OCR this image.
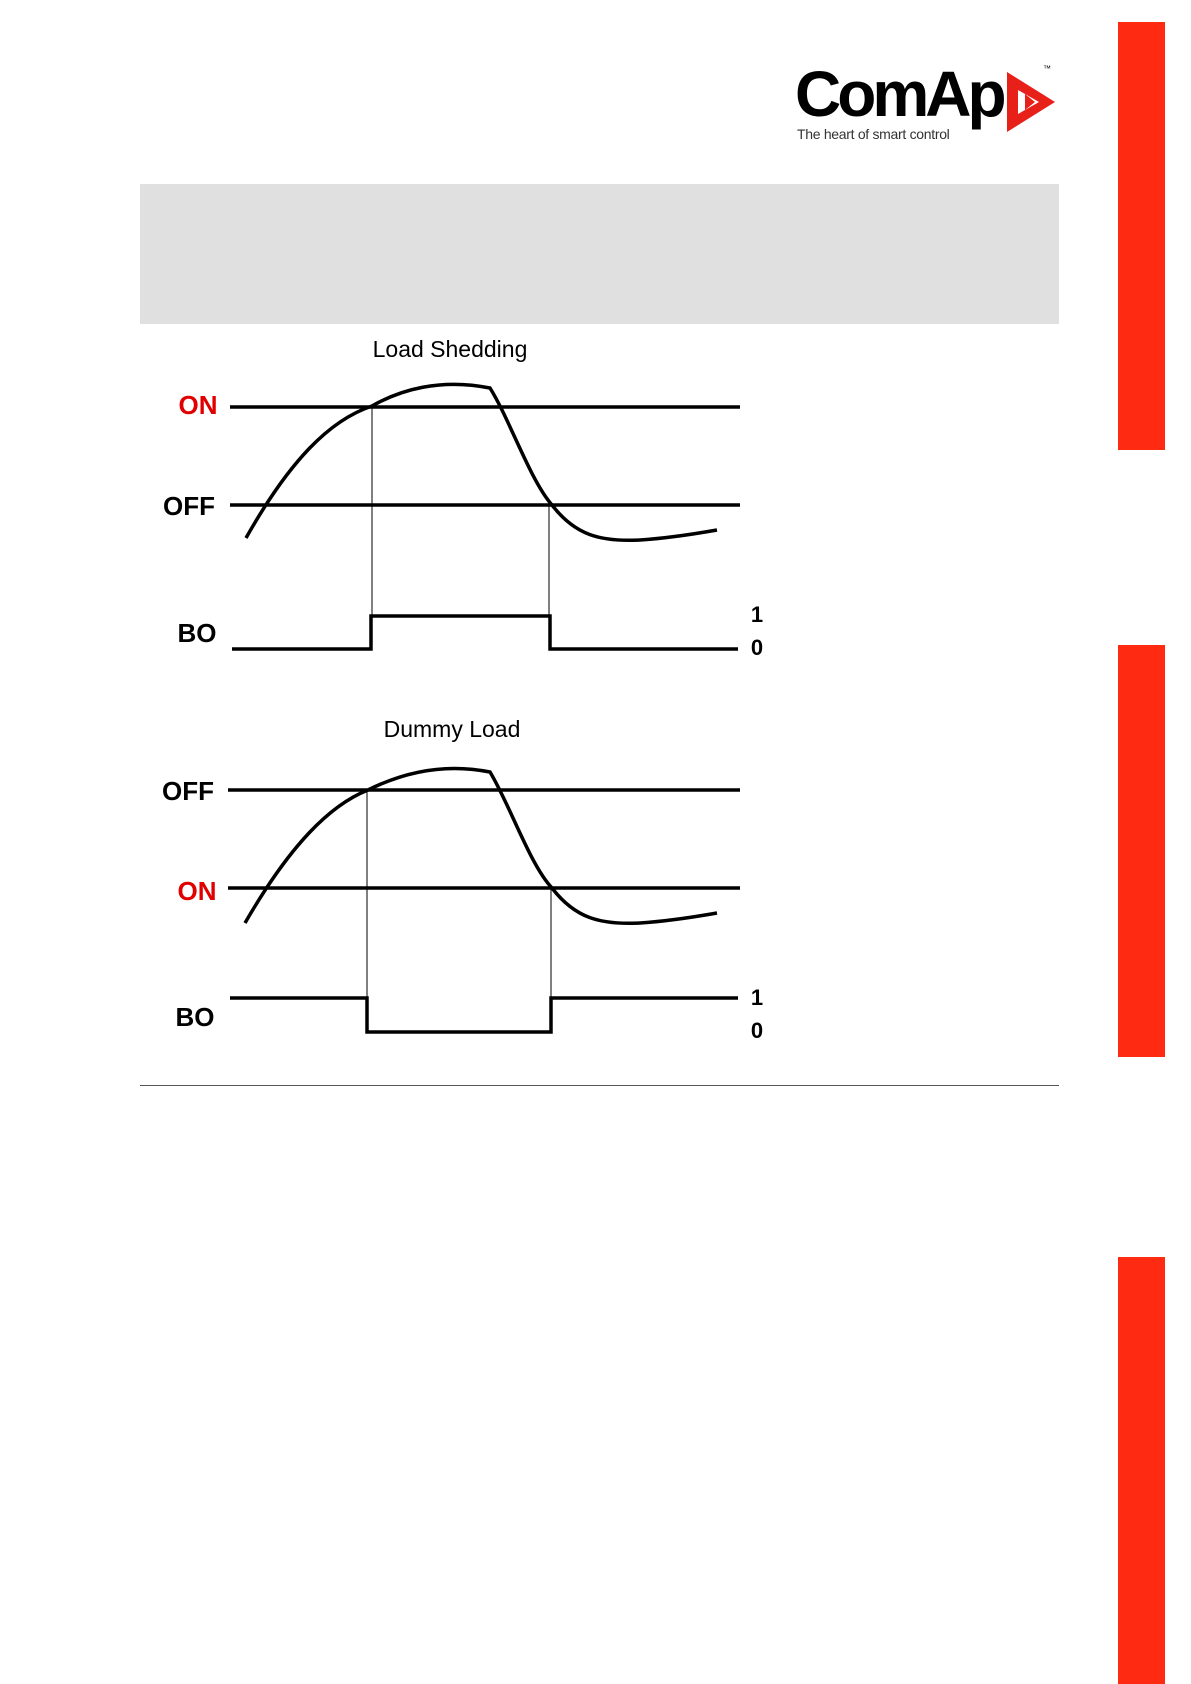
ComAp	™
The heart of smart control
Load Shedding
ON
OFF
BO
1
0
Dummy Load
OFF
ON
BO
1
0
